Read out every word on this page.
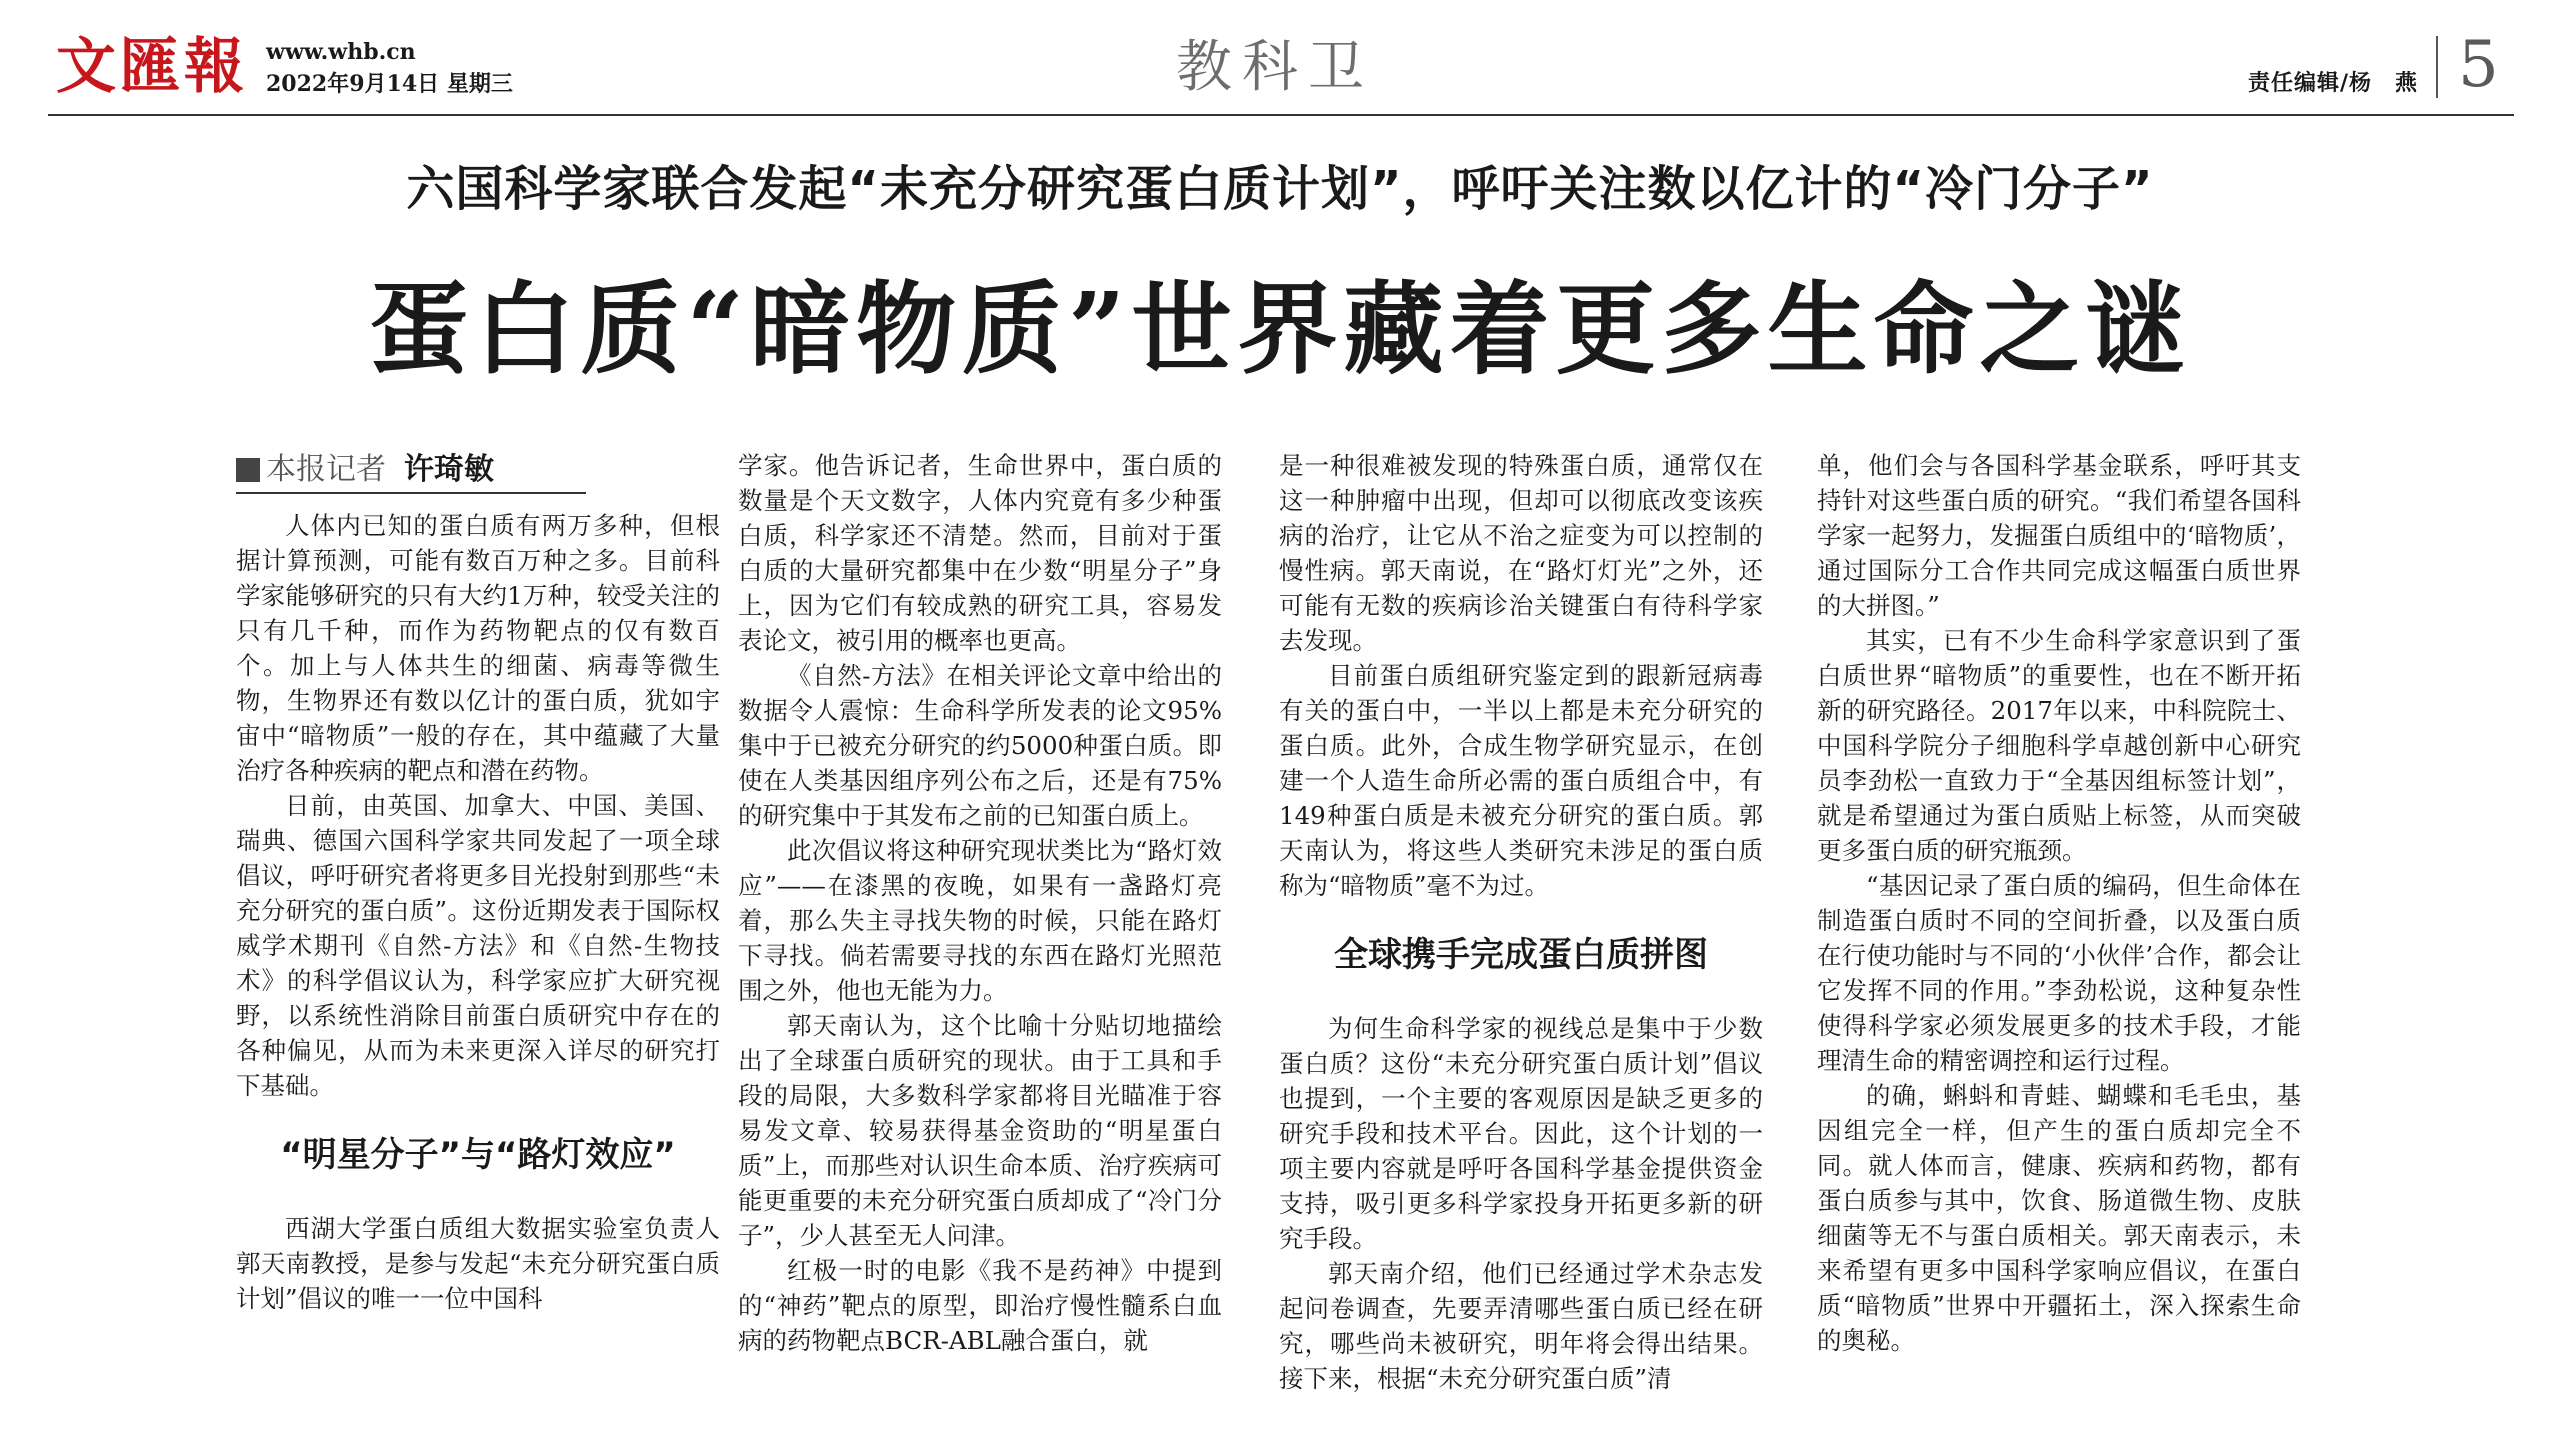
文匯報 www.whb.cn
2022年9月14日 星期三	教科卫	责任编辑/杨　燕 5
六国科学家联合发起“未充分研究蛋白质计划”，呼吁关注数以亿计的“冷门分子”
蛋白质“暗物质”世界藏着更多生命之谜
本报记者 许琦敏

人体内已知的蛋白质有两万多种，但根据计算预测，可能有数百万种之多。目前科学家能够研究的只有大约1万种，较受关注的只有几千种，而作为药物靶点的仅有数百个。加上与人体共生的细菌、病毒等微生物，生物界还有数以亿计的蛋白质，犹如宇宙中“暗物质”一般的存在，其中蕴藏了大量治疗各种疾病的靶点和潜在药物。

日前，由英国、加拿大、中国、美国、瑞典、德国六国科学家共同发起了一项全球倡议，呼吁研究者将更多目光投射到那些“未充分研究的蛋白质”。这份近期发表于国际权威学术期刊《自然-方法》和《自然-生物技术》的科学倡议认为，科学家应扩大研究视野，以系统性消除目前蛋白质研究中存在的各种偏见，从而为未来更深入详尽的研究打下基础。

“明星分子”与“路灯效应”

西湖大学蛋白质组大数据实验室负责人郭天南教授，是参与发起“未充分研究蛋白质计划”倡议的唯一一位中国科

学家。他告诉记者，生命世界中，蛋白质的数量是个天文数字，人体内究竟有多少种蛋白质，科学家还不清楚。然而，目前对于蛋白质的大量研究都集中在少数“明星分子”身上，因为它们有较成熟的研究工具，容易发表论文，被引用的概率也更高。

《自然-方法》在相关评论文章中给出的数据令人震惊：生命科学所发表的论文95%集中于已被充分研究的约5000种蛋白质。即使在人类基因组序列公布之后，还是有75%的研究集中于其发布之前的已知蛋白质上。

此次倡议将这种研究现状类比为“路灯效应”——在漆黑的夜晚，如果有一盏路灯亮着，那么失主寻找失物的时候，只能在路灯下寻找。倘若需要寻找的东西在路灯光照范围之外，他也无能为力。

郭天南认为，这个比喻十分贴切地描绘出了全球蛋白质研究的现状。由于工具和手段的局限，大多数科学家都将目光瞄准于容易发文章、较易获得基金资助的“明星蛋白质”上，而那些对认识生命本质、治疗疾病可能更重要的未充分研究蛋白质却成了“冷门分子”，少人甚至无人问津。

红极一时的电影《我不是药神》中提到的“神药”靶点的原型，即治疗慢性髓系白血病的药物靶点BCR-ABL融合蛋白，就

是一种很难被发现的特殊蛋白质，通常仅在这一种肿瘤中出现，但却可以彻底改变该疾病的治疗，让它从不治之症变为可以控制的慢性病。郭天南说，在“路灯灯光”之外，还可能有无数的疾病诊治关键蛋白有待科学家去发现。

目前蛋白质组研究鉴定到的跟新冠病毒有关的蛋白中，一半以上都是未充分研究的蛋白质。此外，合成生物学研究显示，在创建一个人造生命所必需的蛋白质组合中，有149种蛋白质是未被充分研究的蛋白质。郭天南认为，将这些人类研究未涉足的蛋白质称为“暗物质”毫不为过。

全球携手完成蛋白质拼图

为何生命科学家的视线总是集中于少数蛋白质？这份“未充分研究蛋白质计划”倡议也提到，一个主要的客观原因是缺乏更多的研究手段和技术平台。因此，这个计划的一项主要内容就是呼吁各国科学基金提供资金支持，吸引更多科学家投身开拓更多新的研究手段。

郭天南介绍，他们已经通过学术杂志发起问卷调查，先要弄清哪些蛋白质已经在研究，哪些尚未被研究，明年将会得出结果。接下来，根据“未充分研究蛋白质”清

单，他们会与各国科学基金联系，呼吁其支持针对这些蛋白质的研究。“我们希望各国科学家一起努力，发掘蛋白质组中的‘暗物质’，通过国际分工合作共同完成这幅蛋白质世界的大拼图。”

其实，已有不少生命科学家意识到了蛋白质世界“暗物质”的重要性，也在不断开拓新的研究路径。2017年以来，中科院院士、中国科学院分子细胞科学卓越创新中心研究员李劲松一直致力于“全基因组标签计划”，就是希望通过为蛋白质贴上标签，从而突破更多蛋白质的研究瓶颈。

“基因记录了蛋白质的编码，但生命体在制造蛋白质时不同的空间折叠，以及蛋白质在行使功能时与不同的‘小伙伴’合作，都会让它发挥不同的作用。”李劲松说，这种复杂性使得科学家必须发展更多的技术手段，才能理清生命的精密调控和运行过程。

的确，蝌蚪和青蛙、蝴蝶和毛毛虫，基因组完全一样，但产生的蛋白质却完全不同。就人体而言，健康、疾病和药物，都有蛋白质参与其中，饮食、肠道微生物、皮肤细菌等无不与蛋白质相关。郭天南表示，未来希望有更多中国科学家响应倡议，在蛋白质“暗物质”世界中开疆拓土，深入探索生命的奥秘。
